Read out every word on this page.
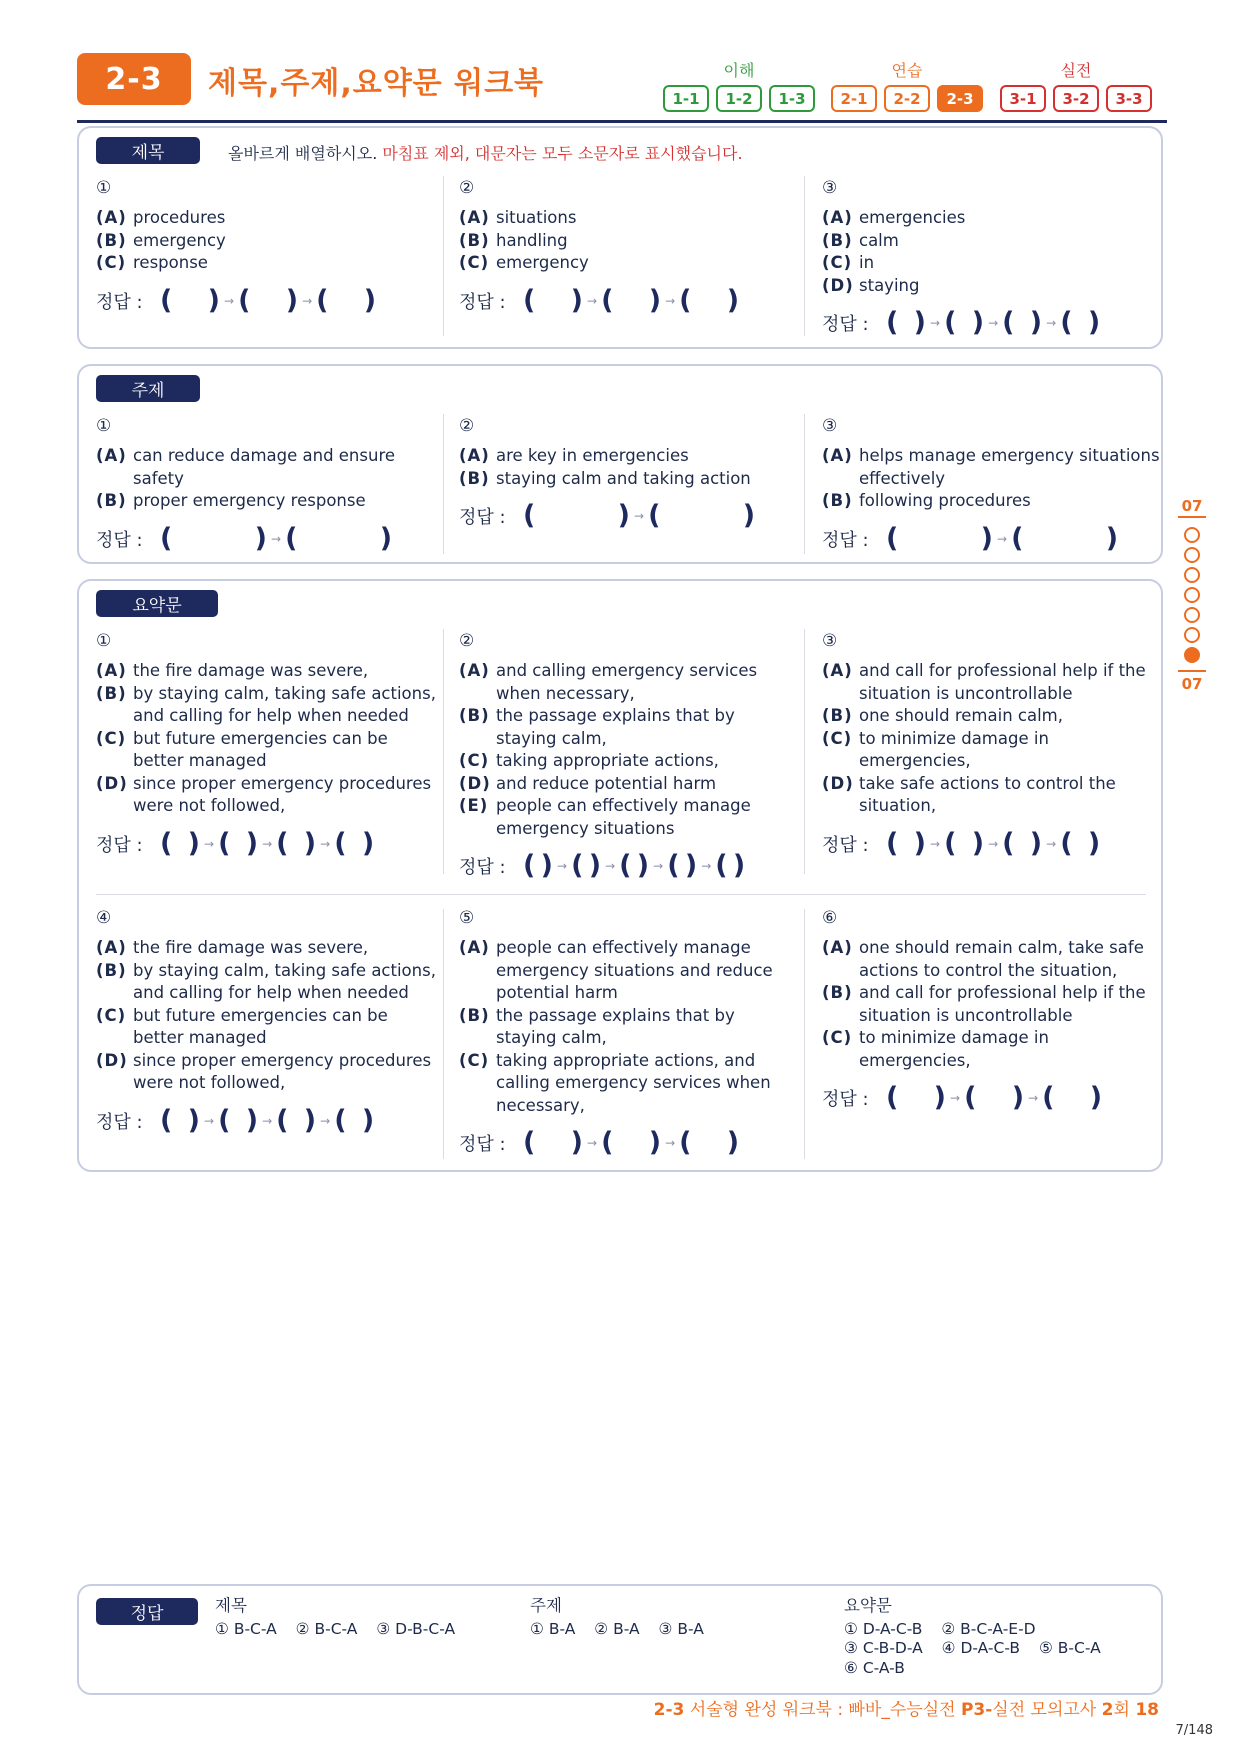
2-3	제목,주제,요약문 워크북	이해
1-1	1-2	1-3
연습
2-1	2-2	2-3
실전
3-1	3-2	3-3
제목	올바르게 배열하시오. 마침표 제외, 대문자는 모두 소문자로 표시했습니다.
①
(A) procedures
(B) emergency
(C) response
정답 : ( ) → ( ) → ( )
②
(A) situations
(B) handling
(C) emergency
정답 : ( ) → ( ) → ( )
③
(A) emergencies
(B) calm
(C) in
(D) staying
정답 : ( ) → ( ) → ( ) → ( )
주제
①
(A) can reduce damage and ensure safety
(B) proper emergency response
정답 : (	) → (	)
②
(A) are key in emergencies
(B) staying calm and taking action
정답 : (	) → (	)
③
(A) helps manage emergency situations effectively
(B) following procedures
정답 : (	) → (	)
요약문
①
(A) the fire damage was severe,
(B) by staying calm, taking safe actions, and calling for help when needed
(C) but future emergencies can be better managed
(D) since proper emergency procedures were not followed,
정답 : ( ) → ( ) → ( ) → ( )
②
(A) and calling emergency services when necessary,
(B) the passage explains that by staying calm,
(C) taking appropriate actions,
(D) and reduce potential harm
(E) people can effectively manage emergency situations
정답 : ( ) → ( ) → ( ) → ( ) → ( )
③
(A) and call for professional help if the situation is uncontrollable
(B) one should remain calm,
(C) to minimize damage in emergencies,
(D) take safe actions to control the situation,
정답 : ( ) → ( ) → ( ) → ( )
④
(A) the fire damage was severe,
(B) by staying calm, taking safe actions, and calling for help when needed
(C) but future emergencies can be better managed
(D) since proper emergency procedures were not followed,
정답 : ( ) → ( ) → ( ) → ( )
⑤
(A) people can effectively manage emergency situations and reduce potential harm
(B) the passage explains that by staying calm,
(C) taking appropriate actions, and calling emergency services when necessary,
정답 : ( ) → ( ) → ( )
⑥
(A) one should remain calm, take safe actions to control the situation,
(B) and call for professional help if the situation is uncontrollable
(C) to minimize damage in emergencies,
정답 : ( ) → ( ) → ( )
07
07
정답	제목
① B-C-A ② B-C-A ③ D-B-C-A
주제
① B-A ② B-A ③ B-A
요약문
① D-A-C-B ② B-C-A-E-D
③ C-B-D-A ④ D-A-C-B ⑤ B-C-A
⑥ C-A-B
2-3 서술형 완성 워크북 : 빠바_수능실전 P3-실전 모의고사 2회 18
7/148
